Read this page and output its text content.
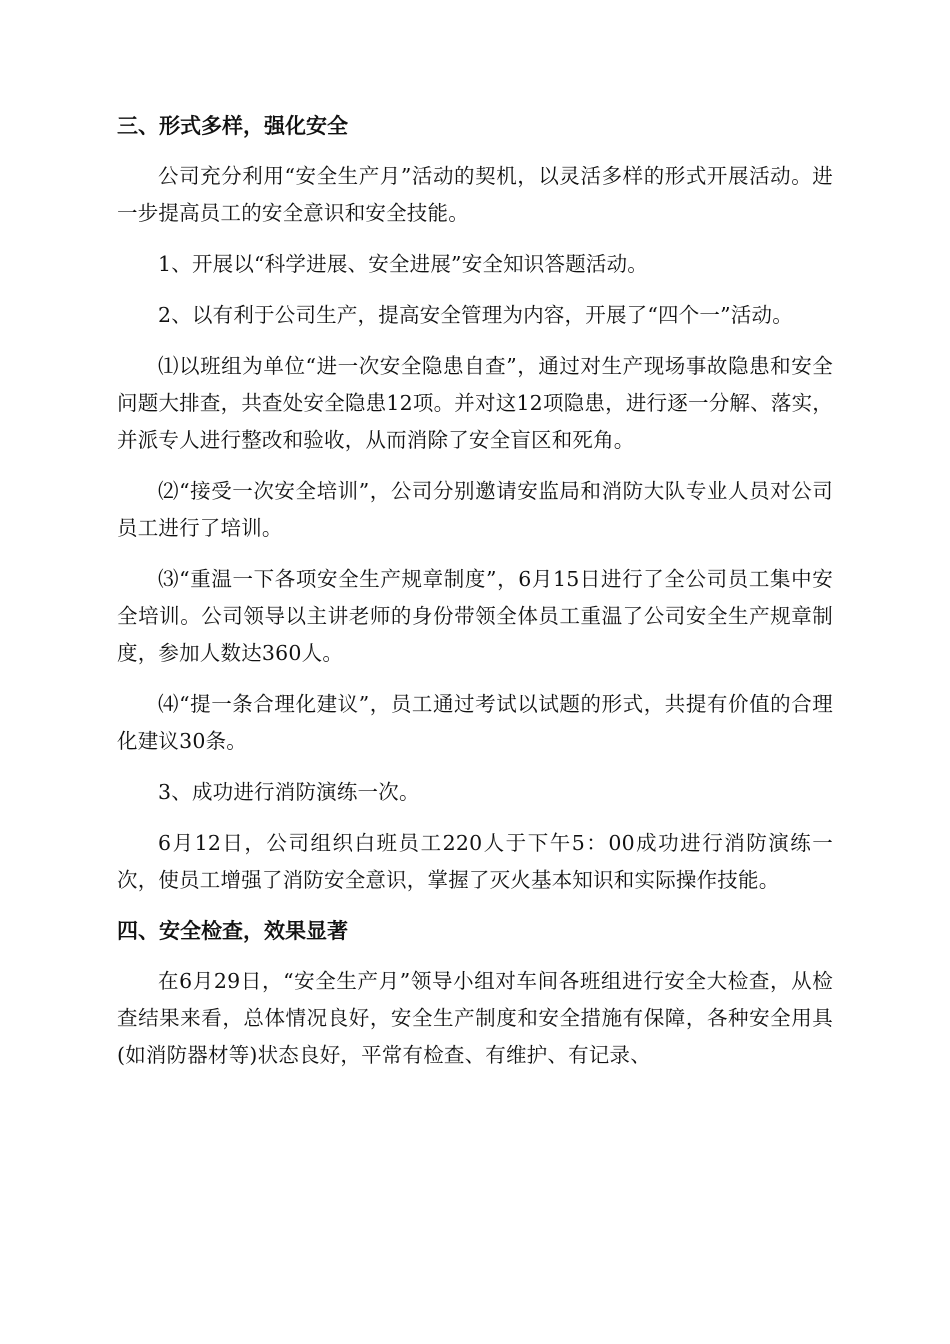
三、形式多样，强化安全

公司充分利用“安全生产月”活动的契机，以灵活多样的形式开展活动。进一步提高员工的安全意识和安全技能。

1、开展以“科学进展、安全进展”安全知识答题活动。

2、以有利于公司生产，提高安全管理为内容，开展了“四个一”活动。

⑴以班组为单位“进一次安全隐患自查”，通过对生产现场事故隐患和安全问题大排查，共查处安全隐患12项。并对这12项隐患，进行逐一分解、落实，并派专人进行整改和验收，从而消除了安全盲区和死角。

⑵“接受一次安全培训”，公司分别邀请安监局和消防大队专业人员对公司员工进行了培训。

⑶“重温一下各项安全生产规章制度”，6月15日进行了全公司员工集中安全培训。公司领导以主讲老师的身份带领全体员工重温了公司安全生产规章制度，参加人数达360人。

⑷“提一条合理化建议”，员工通过考试以试题的形式，共提有价值的合理化建议30条。

3、成功进行消防演练一次。

6月12日，公司组织白班员工220人于下午5：00成功进行消防演练一次，使员工增强了消防安全意识，掌握了灭火基本知识和实际操作技能。

四、安全检查，效果显著

在6月29日，“安全生产月”领导小组对车间各班组进行安全大检查，从检查结果来看，总体情况良好，安全生产制度和安全措施有保障，各种安全用具(如消防器材等)状态良好，平常有检查、有维护、有记录、
